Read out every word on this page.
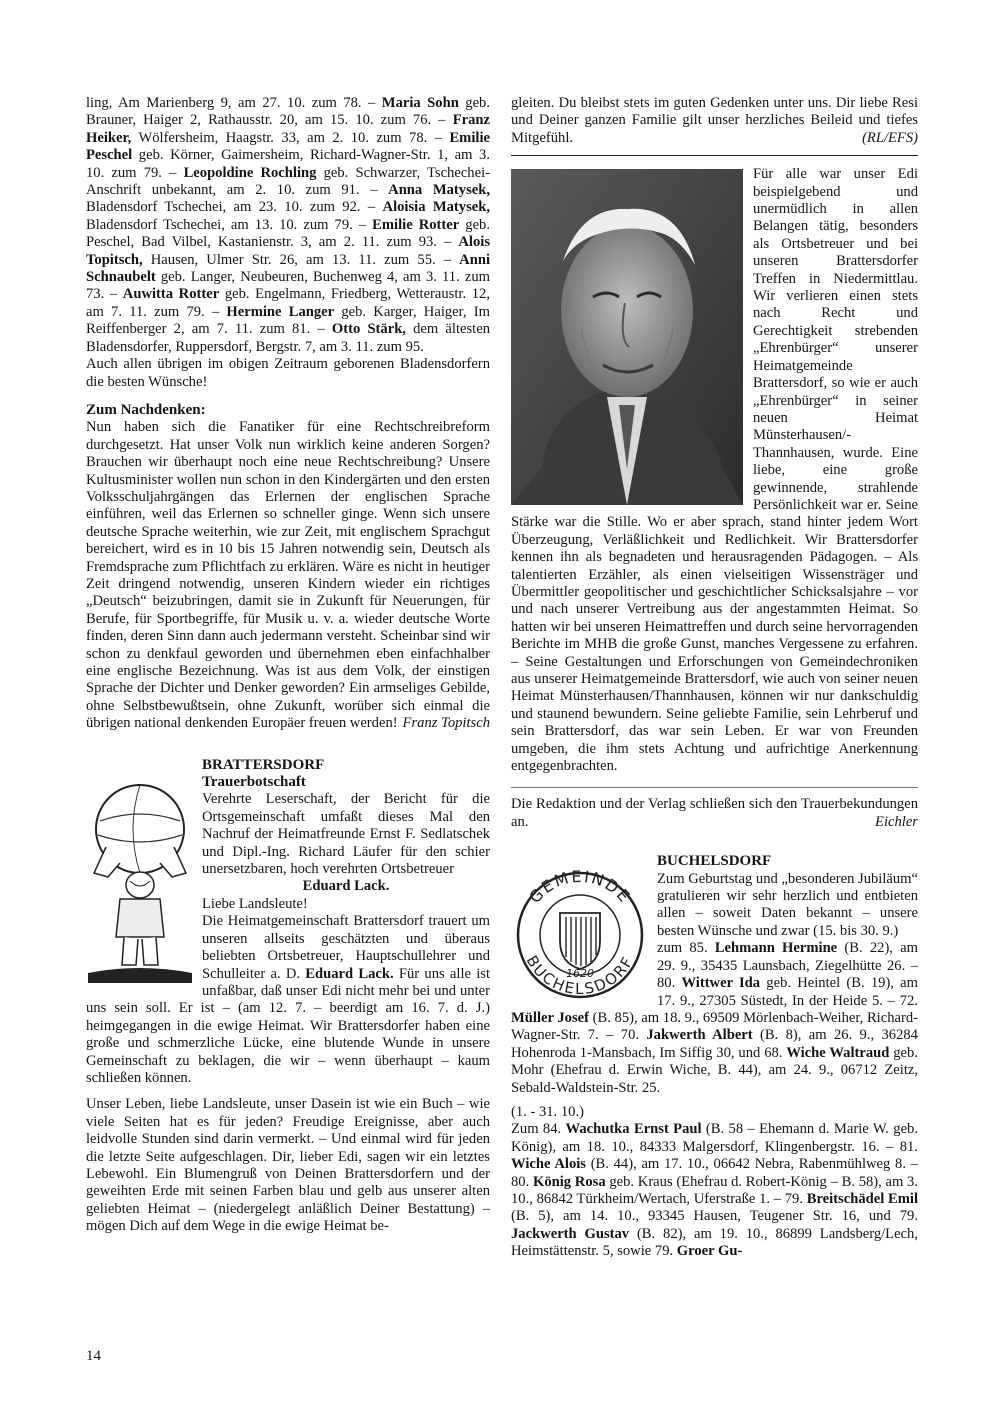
ling, Am Marienberg 9, am 27. 10. zum 78. – Maria Sohn geb. Brauner, Haiger 2, Rathausstr. 20, am 15. 10. zum 76. – Franz Heiker, Wölfersheim, Haagstr. 33, am 2. 10. zum 78. – Emilie Peschel geb. Körner, Gaimersheim, Richard-Wagner-Str. 1, am 3. 10. zum 79. – Leopoldine Rochling geb. Schwarzer, Tschechei-Anschrift unbekannt, am 2. 10. zum 91. – Anna Matysek, Bladensdorf Tschechei, am 23. 10. zum 92. – Aloisia Matysek, Bladensdorf Tschechei, am 13. 10. zum 79. – Emilie Rotter geb. Peschel, Bad Vilbel, Kastanienstr. 3, am 2. 11. zum 93. – Alois Topitsch, Hausen, Ulmer Str. 26, am 13. 11. zum 55. – Anni Schnaubelt geb. Langer, Neubeuren, Buchenweg 4, am 3. 11. zum 73. – Auwitta Rotter geb. Engelmann, Friedberg, Wetteraustr. 12, am 7. 11. zum 79. – Hermine Langer geb. Karger, Haiger, Im Reiffenberger 2, am 7. 11. zum 81. – Otto Stärk, dem ältesten Bladensdorfer, Ruppersdorf, Bergstr. 7, am 3. 11. zum 95.

Auch allen übrigen im obigen Zeitraum geborenen Bladensdorfern die besten Wünsche!

Zum Nachdenken:

Nun haben sich die Fanatiker für eine Rechtschreibreform durchgesetzt. Hat unser Volk nun wirklich keine anderen Sorgen? Brauchen wir überhaupt noch eine neue Rechtschreibung? Unsere Kultusminister wollen nun schon in den Kindergärten und den ersten Volksschuljahrgängen das Erlernen der englischen Sprache einführen, weil das Erlernen so schneller ginge. Wenn sich unsere deutsche Sprache weiterhin, wie zur Zeit, mit englischem Sprachgut bereichert, wird es in 10 bis 15 Jahren notwendig sein, Deutsch als Fremdsprache zum Pflichtfach zu erklären. Wäre es nicht in heutiger Zeit dringend notwendig, unseren Kindern wieder ein richtiges „Deutsch“ beizubringen, damit sie in Zukunft für Neuerungen, für Berufe, für Sportbegriffe, für Musik u. v. a. wieder deutsche Worte finden, deren Sinn dann auch jedermann versteht. Scheinbar sind wir schon zu denkfaul geworden und übernehmen eben einfachhalber eine englische Bezeichnung. Was ist aus dem Volk, der einstigen Sprache der Dichter und Denker geworden? Ein armseliges Gebilde, ohne Selbstbewußtsein, ohne Zukunft, worüber sich einmal die übrigen national denkenden Europäer freuen werden! Franz Topitsch

BRATTERSDORF

Trauerbotschaft

Verehrte Leserschaft, der Bericht für die Ortsgemeinschaft umfaßt dieses Mal den Nachruf der Heimatfreunde Ernst F. Sedlatschek und Dipl.-Ing. Richard Läufer für den schier unersetzbaren, hoch verehrten Ortsbetreuer

Eduard Lack.

Liebe Landsleute!

Die Heimatgemeinschaft Brattersdorf trauert um unseren allseits geschätzten und überaus beliebten Ortsbetreuer, Hauptschullehrer und Schulleiter a. D. Eduard Lack. Für uns alle ist unfaßbar, daß unser Edi nicht mehr bei und unter uns sein soll. Er ist – (am 12. 7. – beerdigt am 16. 7. d. J.) heimgegangen in die ewige Heimat. Wir Brattersdorfer haben eine große und schmerzliche Lücke, eine blutende Wunde in unsere Gemeinschaft zu beklagen, die wir – wenn überhaupt – kaum schließen können.

Unser Leben, liebe Landsleute, unser Dasein ist wie ein Buch – wie viele Seiten hat es für jeden? Freudige Ereignisse, aber auch leidvolle Stunden sind darin vermerkt. – Und einmal wird für jeden die letzte Seite aufgeschlagen. Dir, lieber Edi, sagen wir ein letztes Lebewohl. Ein Blumengruß von Deinen Brattersdorfern und der geweihten Erde mit seinen Farben blau und gelb aus unserer alten geliebten Heimat – (niedergelegt anläßlich Deiner Bestattung) – mögen Dich auf dem Wege in die ewige Heimat be-

gleiten. Du bleibst stets im guten Gedenken unter uns. Dir liebe Resi und Deiner ganzen Familie gilt unser herzliches Beileid und tiefes Mitgefühl.	(RL/EFS)

Für alle war unser Edi beispielgebend und unermüdlich in allen Belangen tätig, besonders als Ortsbetreuer und bei unseren Brattersdorfer Treffen in Niedermittlau. Wir verlieren einen stets nach Recht und Gerechtigkeit strebenden „Ehrenbürger“ unserer Heimatgemeinde Brattersdorf, so wie er auch „Ehrenbürger“ in seiner neuen Heimat Münsterhausen/-Thannhausen, wurde. Eine liebe, eine große gewinnende, strahlende Persönlichkeit war er. Seine Stärke war die Stille. Wo er aber sprach, stand hinter jedem Wort Überzeugung, Verläßlichkeit und Redlichkeit. Wir Brattersdorfer kennen ihn als begnadeten und herausragenden Pädagogen. – Als talentierten Erzähler, als einen vielseitigen Wissensträger und Übermittler geopolitischer und geschichtlicher Schicksalsjahre – vor und nach unserer Vertreibung aus der angestammten Heimat. So hatten wir bei unseren Heimattreffen und durch seine hervorragenden Berichte im MHB die große Gunst, manches Vergessene zu erfahren. – Seine Gestaltungen und Erforschungen von Gemeindechroniken aus unserer Heimatgemeinde Brattersdorf, wie auch von seiner neuen Heimat Münsterhausen/Thannhausen, können wir nur dankschuldig und staunend bewundern. Seine geliebte Familie, sein Lehrberuf und sein Brattersdorf, das war sein Leben. Er war von Freunden umgeben, die ihm stets Achtung und aufrichtige Anerkennung entgegenbrachten.

Die Redaktion und der Verlag schließen sich den Trauerbekundungen an.	Eichler

GEMEINDE
BUCHELSDORF
1620

BUCHELSDORF

Zum Geburtstag und „besonderen Jubiläum“ gratulieren wir sehr herzlich und entbieten allen – soweit Daten bekannt – unsere besten Wünsche und zwar (15. bis 30. 9.)

zum 85. Lehmann Hermine (B. 22), am 29. 9., 35435 Launsbach, Ziegelhütte 26. – 80. Wittwer Ida geb. Heintel (B. 19), am 17. 9., 27305 Süstedt, In der Heide 5. – 72. Müller Josef (B. 85), am 18. 9., 69509 Mörlenbach-Weiher, Richard-Wagner-Str. 7. – 70. Jakwerth Albert (B. 8), am 26. 9., 36284 Hohenroda 1-Mansbach, Im Siffig 30, und 68. Wiche Waltraud geb. Mohr (Ehefrau d. Erwin Wiche, B. 44), am 24. 9., 06712 Zeitz, Sebald-Waldstein-Str. 25.

(1. - 31. 10.)

Zum 84. Wachutka Ernst Paul (B. 58 – Ehemann d. Marie W. geb. König), am 18. 10., 84333 Malgersdorf, Klingenbergstr. 16. – 81. Wiche Alois (B. 44), am 17. 10., 06642 Nebra, Rabenmühlweg 8. – 80. König Rosa geb. Kraus (Ehefrau d. Robert-König – B. 58), am 3. 10., 86842 Türkheim/Wertach, Uferstraße 1. – 79. Breitschädel Emil (B. 5), am 14. 10., 93345 Hausen, Teugener Str. 16, und 79. Jackwerth Gustav (B. 82), am 19. 10., 86899 Landsberg/Lech, Heimstättenstr. 5, sowie 79. Groer Gu-

14
